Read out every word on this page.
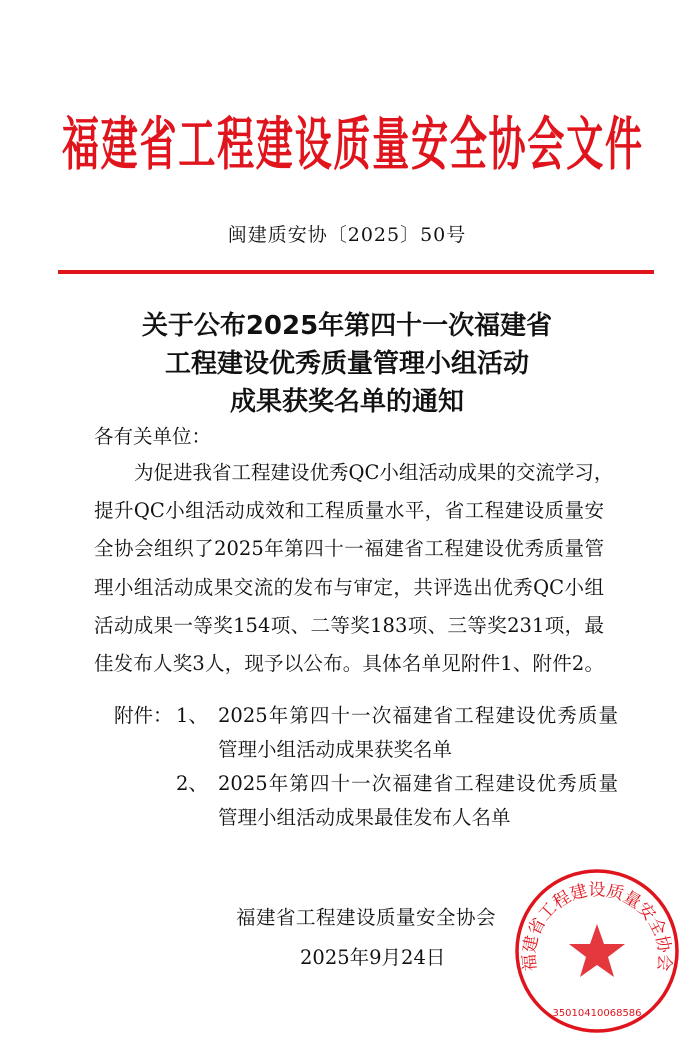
福建省工程建设质量安全协会文件
闽建质安协〔2025〕50号
关于公布2025年第四十一次福建省
工程建设优秀质量管理小组活动
成果获奖名单的通知
各有关单位：
为促进我省工程建设优秀QC小组活动成果的交流学习，
提升QC小组活动成效和工程质量水平，省工程建设质量安
全协会组织了2025年第四十一福建省工程建设优秀质量管
理小组活动成果交流的发布与审定，共评选出优秀QC小组
活动成果一等奖154项、二等奖183项、三等奖231项，最
佳发布人奖3人，现予以公布。具体名单见附件1、附件2。
附件： 1、 2025年第四十一次福建省工程建设优秀质量
管理小组活动成果获奖名单
2、 2025年第四十一次福建省工程建设优秀质量
管理小组活动成果最佳发布人名单
福建省工程建设质量安全协会
3501041006858​6
福建省工程建设质量安全协会
2025年9月24日
